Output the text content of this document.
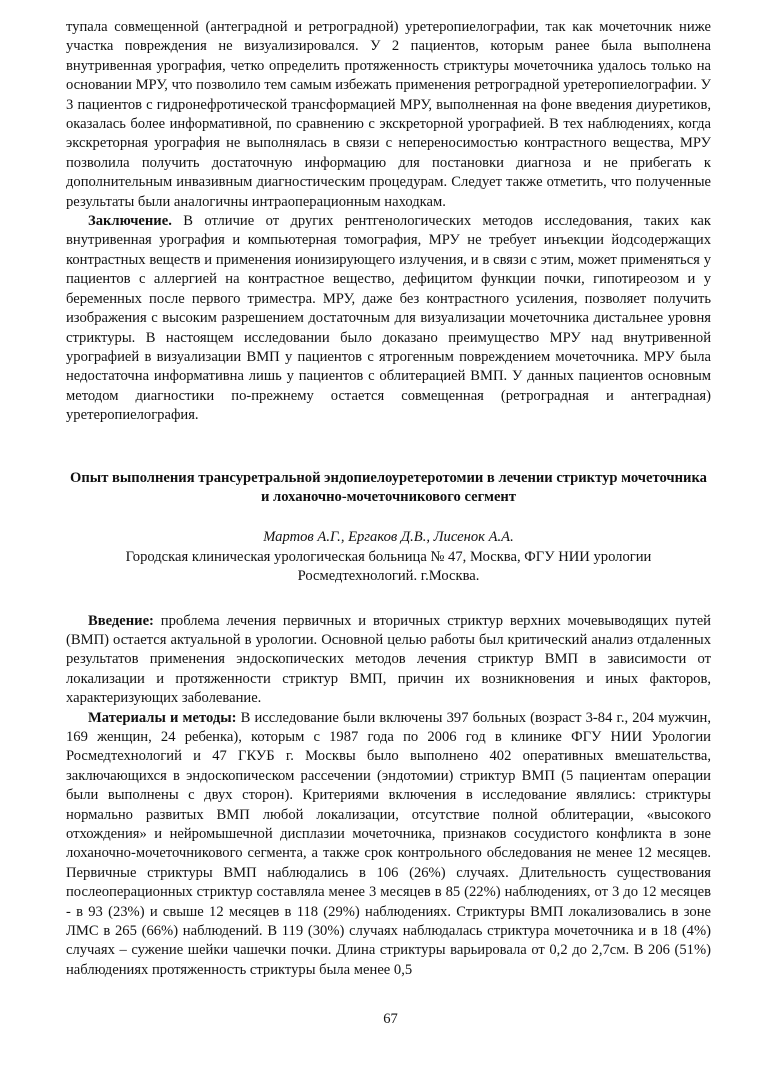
тупала совмещенной (антеградной и ретроградной) уретеропиелографии, так как мочеточник ниже участка повреждения не визуализировался. У 2 пациентов, которым ранее была выполнена внутривенная урография, четко определить протяженность стриктуры мочеточника удалось только на основании МРУ, что позволило тем самым избежать применения ретроградной уретеропиелографии. У 3 пациентов с гидронефротической трансформацией МРУ, выполненная на фоне введения диуретиков, оказалась более информативной, по сравнению с экскреторной урографией. В тех наблюдениях, когда экскреторная урография не выполнялась в связи с непереносимостью контрастного вещества, МРУ позволила получить достаточную информацию для постановки диагноза и не прибегать к дополнительным инвазивным диагностическим процедурам. Следует также отметить, что полученные результаты были аналогичны интраоперационным находкам.

Заключение. В отличие от других рентгенологических методов исследования, таких как внутривенная урография и компьютерная томография, МРУ не требует инъекции йодсодержащих контрастных веществ и применения ионизирующего излучения, и в связи с этим, может применяться у пациентов с аллергией на контрастное вещество, дефицитом функции почки, гипотиреозом и у беременных после первого триместра. МРУ, даже без контрастного усиления, позволяет получить изображения с высоким разрешением достаточным для визуализации мочеточника дистальнее уровня стриктуры. В настоящем исследовании было доказано преимущество МРУ над внутривенной урографией в визуализации ВМП у пациентов с ятрогенным повреждением мочеточника. МРУ была недостаточна информативна лишь у пациентов с облитерацией ВМП. У данных пациентов основным методом диагностики по-прежнему остается совмещенная (ретроградная и антеградная) уретеропиелография.

Опыт выполнения трансуретральной эндопиелоуретеротомии в лечении стриктур мочеточника и лоханочно-мочеточникового сегмент
Мартов А.Г., Ергаков Д.В., Лисенок А.А.
Городская клиническая урологическая больница № 47, Москва, ФГУ НИИ урологии Росмедтехнологий. г.Москва.

Введение: проблема лечения первичных и вторичных стриктур верхних мочевыводящих путей (ВМП) остается актуальной в урологии. Основной целью работы был критический анализ отдаленных результатов применения эндоскопических методов лечения стриктур ВМП в зависимости от локализации и протяженности стриктур ВМП, причин их возникновения и иных факторов, характеризующих заболевание.

Материалы и методы: В исследование были включены 397 больных (возраст 3-84 г., 204 мужчин, 169 женщин, 24 ребенка), которым с 1987 года по 2006 год в клинике ФГУ НИИ Урологии Росмедтехнологий и 47 ГКУБ г. Москвы было выполнено 402 оперативных вмешательства, заключающихся в эндоскопическом рассечении (эндотомии) стриктур ВМП (5 пациентам операции были выполнены с двух сторон). Критериями включения в исследование являлись: стриктуры нормально развитых ВМП любой локализации, отсутствие полной облитерации, «высокого отхождения» и нейромышечной дисплазии мочеточника, признаков сосудистого конфликта в зоне лоханочно-мочеточникового сегмента, а также срок контрольного обследования не менее 12 месяцев. Первичные стриктуры ВМП наблюдались в 106 (26%) случаях. Длительность существования послеоперационных стриктур составляла менее 3 месяцев в 85 (22%) наблюдениях, от 3 до 12 месяцев - в 93 (23%) и свыше 12 месяцев в 118 (29%) наблюдениях. Стриктуры ВМП локализовались в зоне ЛМС в 265 (66%) наблюдений. В 119 (30%) случаях наблюдалась стриктура мочеточника и в 18 (4%) случаях – сужение шейки чашечки почки. Длина стриктуры варьировала от 0,2 до 2,7см. В 206 (51%) наблюдениях протяженность стриктуры была менее 0,5

67
